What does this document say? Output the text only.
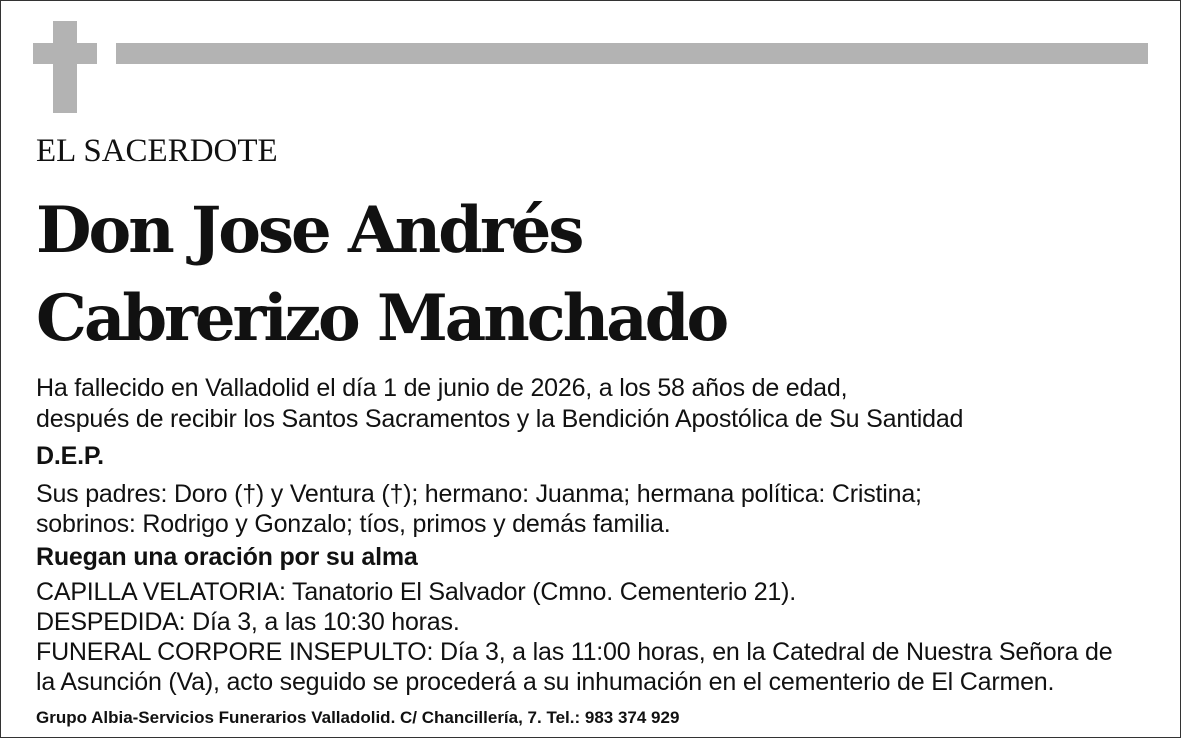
EL SACERDOTE
Don Jose Andrés
Cabrerizo Manchado

Ha fallecido en Valladolid el día 1 de junio de 2026, a los 58 años de edad,

después de recibir los Santos Sacramentos y la Bendición Apostólica de Su Santidad

D.E.P.

Sus padres: Doro (†) y Ventura (†); hermano: Juanma; hermana política: Cristina;

sobrinos: Rodrigo y Gonzalo; tíos, primos y demás familia.

Ruegan una oración por su alma

CAPILLA VELATORIA: Tanatorio El Salvador (Cmno. Cementerio 21).

DESPEDIDA: Día 3, a las 10:30 horas.

FUNERAL CORPORE INSEPULTO: Día 3, a las 11:00 horas, en la Catedral de Nuestra Señora de

la Asunción (Va), acto seguido se procederá a su inhumación en el cementerio de El Carmen.

Grupo Albia-Servicios Funerarios Valladolid. C/ Chancillería, 7. Tel.: 983 374 929
